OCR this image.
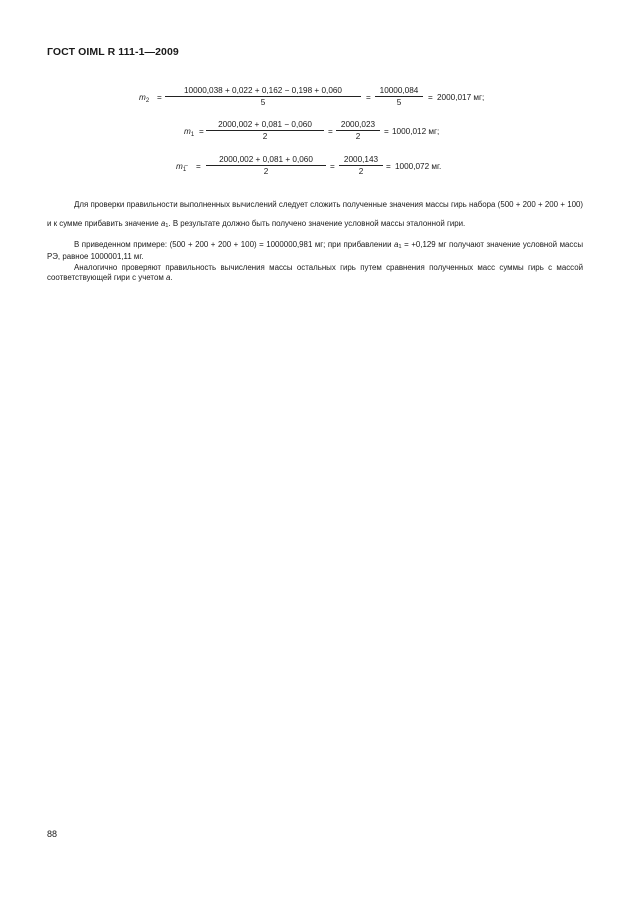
ГОСТ OIML R 111-1—2009
$m_2$ =
10000,038 + 0,022 + 0,162 − 0,198 + 0,060
5
=
10000,084
5
= 2000,017 мг;
$m_1$ =
2000,002 + 0,081 − 0,060
2
=
2000,023
2
= 1000,012 мг;
$m_{1̅}$ =
2000,002 + 0,081 + 0,060
2
=
2000,143
2
= 1000,072 мг.
Для проверки правильности выполненных вычислений следует сложить полученные значения массы гирь набора (500 + 200 + 200 + 100) и к сумме прибавить значение $a_1$. В результате должно быть получено значение условной массы эталонной гири.
В приведенном примере: (500 + 200 + 200 + 100) = 1000000,981 мг; при прибавлении $a_1 = +0,129$ мг получают значение условной массы РЭ, равное 1000001,11 мг.
Аналогично проверяют правильность вычисления массы остальных гирь путем сравнения полученных масс суммы гирь с массой соответствующей гири с учетом a.
88
